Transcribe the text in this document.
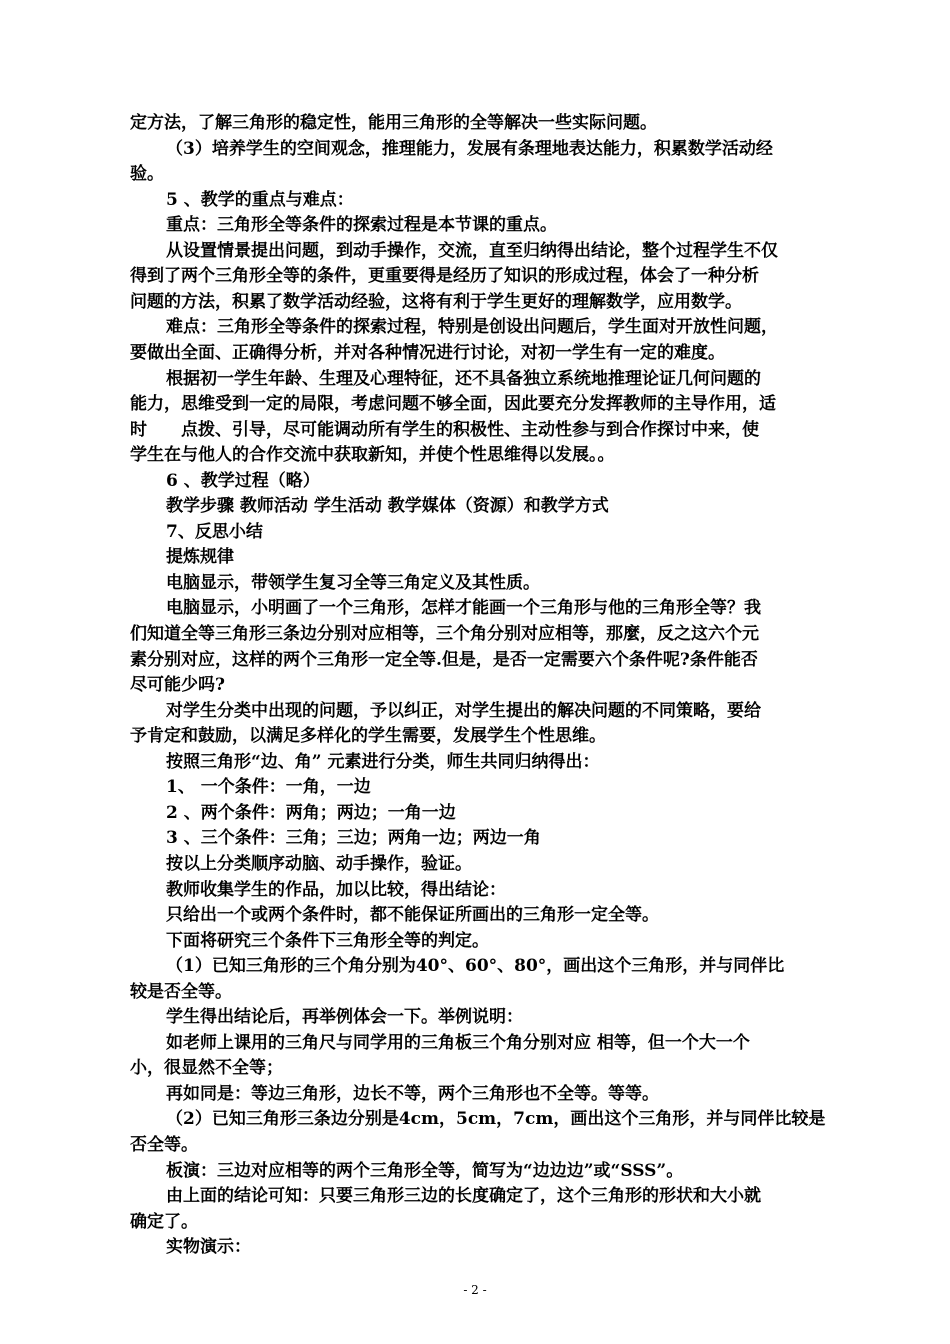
定方法，了解三角形的稳定性，能用三角形的全等解决一些实际问题。
（3）培养学生的空间观念，推理能力，发展有条理地表达能力，积累数学活动经
验。
5 、教学的重点与难点：
重点：三角形全等条件的探索过程是本节课的重点。
从设置情景提出问题，到动手操作，交流，直至归纳得出结论，整个过程学生不仅
得到了两个三角形全等的条件，更重要得是经历了知识的形成过程，体会了一种分析
问题的方法，积累了数学活动经验，这将有利于学生更好的理解数学，应用数学。
难点：三角形全等条件的探索过程，特别是创设出问题后，学生面对开放性问题，
要做出全面、正确得分析，并对各种情况进行讨论，对初一学生有一定的难度。
根据初一学生年龄、生理及心理特征，还不具备独立系统地推理论证几何问题的
能力，思维受到一定的局限，考虑问题不够全面，因此要充分发挥教师的主导作用，适
时　　点拨、引导，尽可能调动所有学生的积极性、主动性参与到合作探讨中来，使
学生在与他人的合作交流中获取新知，并使个性思维得以发展。。
6 、教学过程（略）
教学步骤 教师活动 学生活动 教学媒体（资源）和教学方式
7、反思小结
提炼规律
电脑显示，带领学生复习全等三角定义及其性质。
电脑显示，小明画了一个三角形，怎样才能画一个三角形与他的三角形全等？我
们知道全等三角形三条边分别对应相等，三个角分别对应相等，那麼，反之这六个元
素分别对应，这样的两个三角形一定全等.但是，是否一定需要六个条件呢?条件能否
尽可能少吗?
对学生分类中出现的问题，予以纠正，对学生提出的解决问题的不同策略，要给
予肯定和鼓励，以满足多样化的学生需要，发展学生个性思维。
按照三角形“边、角” 元素进行分类，师生共同归纳得出：
1、 一个条件：一角，一边
2 、两个条件：两角；两边；一角一边
3 、三个条件：三角；三边；两角一边；两边一角
按以上分类顺序动脑、动手操作，验证。
教师收集学生的作品，加以比较，得出结论：
只给出一个或两个条件时，都不能保证所画出的三角形一定全等。
下面将研究三个条件下三角形全等的判定。
（1）已知三角形的三个角分别为40°、60°、80°，画出这个三角形，并与同伴比
较是否全等。
学生得出结论后，再举例体会一下。举例说明：
如老师上课用的三角尺与同学用的三角板三个角分别对应 相等，但一个大一个
小，很显然不全等；
再如同是：等边三角形，边长不等，两个三角形也不全等。等等。
（2）已知三角形三条边分别是4cm，5cm，7cm，画出这个三角形，并与同伴比较是
否全等。
板演：三边对应相等的两个三角形全等，简写为“边边边”或“SSS”。
由上面的结论可知：只要三角形三边的长度确定了，这个三角形的形状和大小就
确定了。
实物演示：
- 2 -
